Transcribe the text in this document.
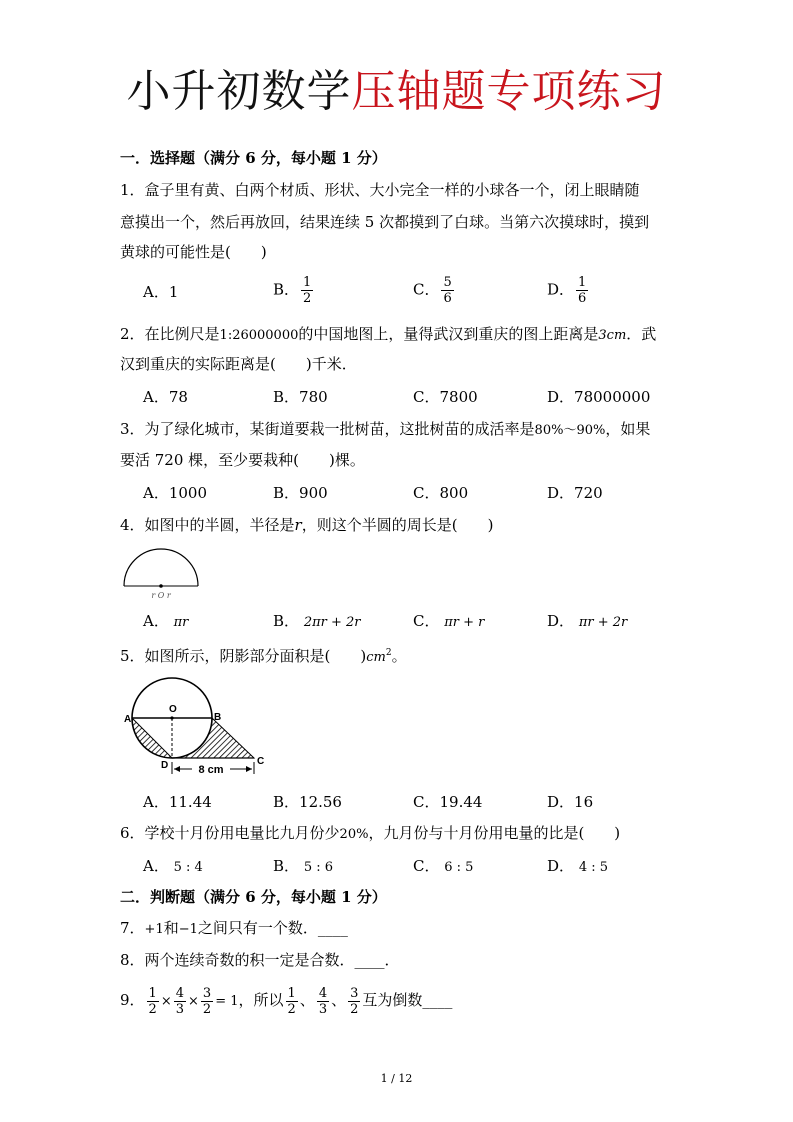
小升初数学压轴题专项练习
一．选择题（满分 6 分，每小题 1 分）
1．盒子里有黄、白两个材质、形状、大小完全一样的小球各一个，闭上眼睛随
意摸出一个，然后再放回，结果连续 5 次都摸到了白球。当第六次摸球时，摸到
黄球的可能性是(　　)
A．1	B． $\frac{1}{2}$	C． $\frac{5}{6}$	D． $\frac{1}{6}$
2．在比例尺是1:26000000的中国地图上，量得武汉到重庆的图上距离是3cm．武
汉到重庆的实际距离是(　　)千米．
A．78	B．780	C．7800	D．78000000
3．为了绿化城市，某街道要栽一批树苗，这批树苗的成活率是80%～90%，如果
要活 720 棵，至少要栽种(　　)棵。
A．1000	B．900	C．800	D．720
4．如图中的半圆，半径是r，则这个半圆的周长是(　　)
r O r
A． πr	B． 2πr + 2r	C． πr + r	D． πr + 2r
5．如图所示，阴影部分面积是(　　)$cm^2$。
8 cm
A
O
B
C
D
A．11.44	B．12.56	C．19.44	D．16
6．学校十月份用电量比九月份少20%，九月份与十月份用电量的比是(　　)
A． 5 : 4	B． 5 : 6	C． 6 : 5	D． 4 : 5
二．判断题（满分 6 分，每小题 1 分）
7．+1和−1之间只有一个数．____
8．两个连续奇数的积一定是合数．____．
9． $\frac{1}{2} \times \frac{4}{3} \times \frac{3}{2} = 1$，所以 $\frac{1}{2}$ 、 $\frac{4}{3}$ 、 $\frac{3}{2}$ 互为倒数____
1 / 12
